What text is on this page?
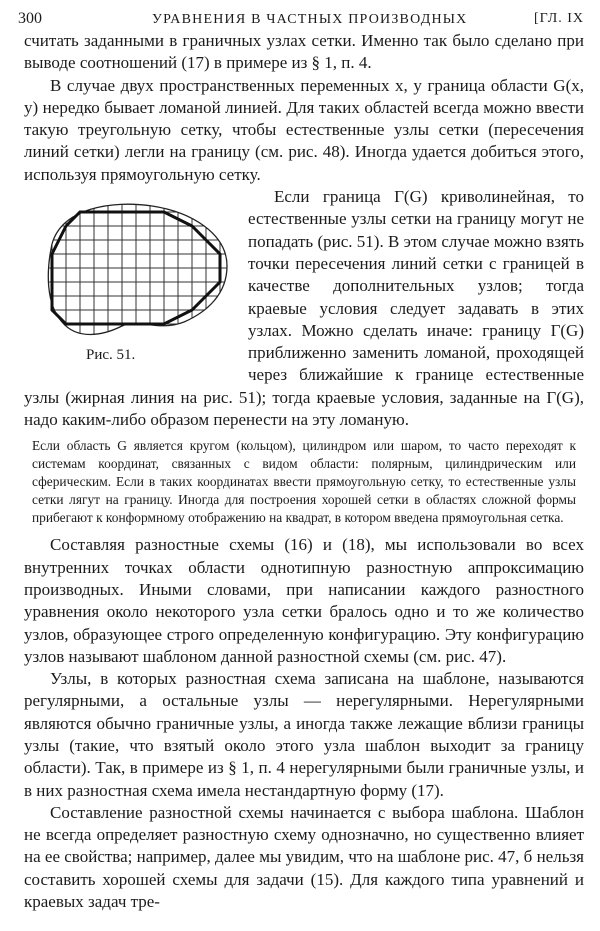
300	УРАВНЕНИЯ В ЧАСТНЫХ ПРОИЗВОДНЫХ	[ГЛ. IX

считать заданными в граничных узлах сетки. Именно так было сделано при выводе соотношений (17) в примере из § 1, п. 4.

В случае двух пространственных переменных x, y граница области G(x, y) нередко бывает ломаной линией. Для таких областей всегда можно ввести такую треугольную сетку, чтобы естественные узлы сетки (пересечения линий сетки) легли на границу (см. рис. 48). Иногда удается добиться этого, используя прямоугольную сетку.

Рис. 51.

Если граница Γ(G) криволинейная, то естественные узлы сетки на границу могут не попадать (рис. 51). В этом случае можно взять точки пересечения линий сетки с границей в качестве дополнительных узлов; тогда краевые условия следует задавать в этих узлах. Можно сделать иначе: границу Γ(G) приближенно заменить ломаной, проходящей через ближайшие к границе естественные узлы (жирная линия на рис. 51); тогда краевые условия, заданные на Γ(G), надо каким-либо образом перенести на эту ломаную.

Если область G является кругом (кольцом), цилиндром или шаром, то часто переходят к системам координат, связанных с видом области: полярным, цилиндрическим или сферическим. Если в таких координатах ввести прямоугольную сетку, то естественные узлы сетки лягут на границу. Иногда для построения хорошей сетки в областях сложной формы прибегают к конформному отображению на квадрат, в котором введена прямоугольная сетка.

Составляя разностные схемы (16) и (18), мы использовали во всех внутренних точках области однотипную разностную аппроксимацию производных. Иными словами, при написании каждого разностного уравнения около некоторого узла сетки бралось одно и то же количество узлов, образующее строго определенную конфигурацию. Эту конфигурацию узлов называют шаблоном данной разностной схемы (см. рис. 47).

Узлы, в которых разностная схема записана на шаблоне, называются регулярными, а остальные узлы — нерегулярными. Нерегулярными являются обычно граничные узлы, а иногда также лежащие вблизи границы узлы (такие, что взятый около этого узла шаблон выходит за границу области). Так, в примере из § 1, п. 4 нерегулярными были граничные узлы, и в них разностная схема имела нестандартную форму (17).

Составление разностной схемы начинается с выбора шаблона. Шаблон не всегда определяет разностную схему однозначно, но существенно влияет на ее свойства; например, далее мы увидим, что на шаблоне рис. 47, б нельзя составить хорошей схемы для задачи (15). Для каждого типа уравнений и краевых задач тре-
